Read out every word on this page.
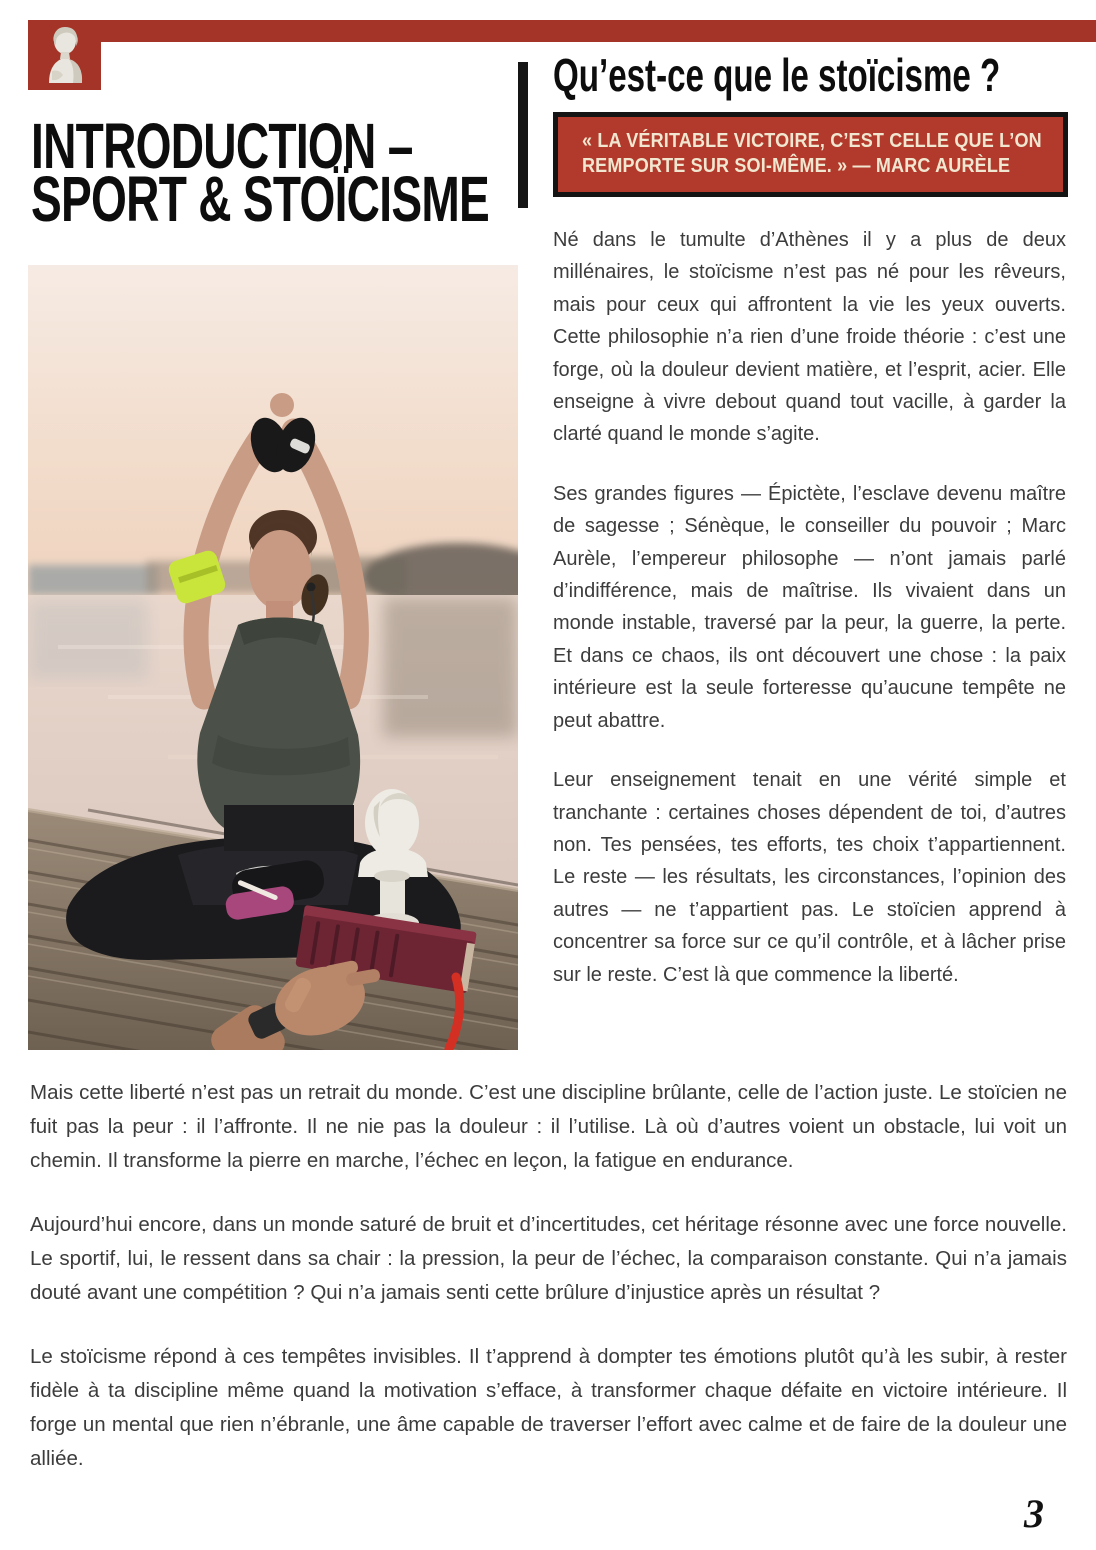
INTRODUCTION –
SPORT & STOÏCISME
Qu’est-ce que le stoïcisme ?
« LA VÉRITABLE VICTOIRE, C’EST CELLE QUE L’ON REMPORTE SUR SOI-MÊME. » — MARC AURÈLE

Né dans le tumulte d’Athènes il y a plus de deux millénaires, le stoïcisme n’est pas né pour les rêveurs, mais pour ceux qui affrontent la vie les yeux ouverts. Cette philosophie n’a rien d’une froide théorie : c’est une forge, où la douleur devient matière, et l’esprit, acier. Elle enseigne à vivre debout quand tout vacille, à garder la clarté quand le monde s’agite.

Ses grandes figures — Épictète, l’esclave devenu maître de sagesse ; Sénèque, le conseiller du pouvoir ; Marc Aurèle, l’empereur philosophe — n’ont jamais parlé d’indifférence, mais de maîtrise. Ils vivaient dans un monde instable, traversé par la peur, la guerre, la perte. Et dans ce chaos, ils ont découvert une chose : la paix intérieure est la seule forteresse qu’aucune tempête ne peut abattre.

Leur enseignement tenait en une vérité simple et tranchante : certaines choses dépendent de toi, d’autres non. Tes pensées, tes efforts, tes choix t’appartiennent. Le reste — les résultats, les circonstances, l’opinion des autres — ne t’appartient pas. Le stoïcien apprend à concentrer sa force sur ce qu’il contrôle, et à lâcher prise sur le reste. C’est là que commence la liberté.

Mais cette liberté n’est pas un retrait du monde. C’est une discipline brûlante, celle de l’action juste. Le stoïcien ne fuit pas la peur : il l’affronte. Il ne nie pas la douleur : il l’utilise. Là où d’autres voient un obstacle, lui voit un chemin. Il transforme la pierre en marche, l’échec en leçon, la fatigue en endurance.

Aujourd’hui encore, dans un monde saturé de bruit et d’incertitudes, cet héritage résonne avec une force nouvelle. Le sportif, lui, le ressent dans sa chair : la pression, la peur de l’échec, la comparaison constante. Qui n’a jamais douté avant une compétition ? Qui n’a jamais senti cette brûlure d’injustice après un résultat ?

Le stoïcisme répond à ces tempêtes invisibles. Il t’apprend à dompter tes émotions plutôt qu’à les subir, à rester fidèle à ta discipline même quand la motivation s’efface, à transformer chaque défaite en victoire intérieure. Il forge un mental que rien n’ébranle, une âme capable de traverser l’effort avec calme et de faire de la douleur une alliée.

3
